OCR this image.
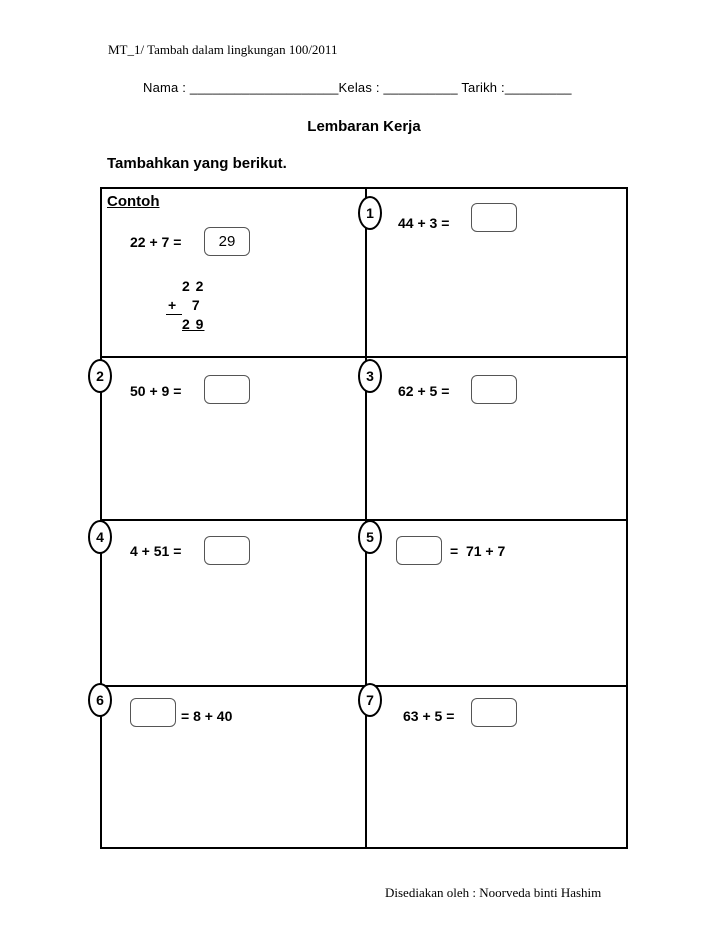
MT_1/ Tambah dalam lingkungan 100/2011
Nama : ____________________Kelas : __________ Tarikh :_________
Lembaran Kerja
Tambahkan yang berikut.
Contoh
22 + 7 =	29
2 2
+   7
2 9
1
44 + 3 =
2
50 + 9 =
3
62 + 5 =
4
4 + 51 =
5
=  71 + 7
6
= 8 + 40
7
63 + 5 =
Disediakan oleh : Noorveda binti Hashim
